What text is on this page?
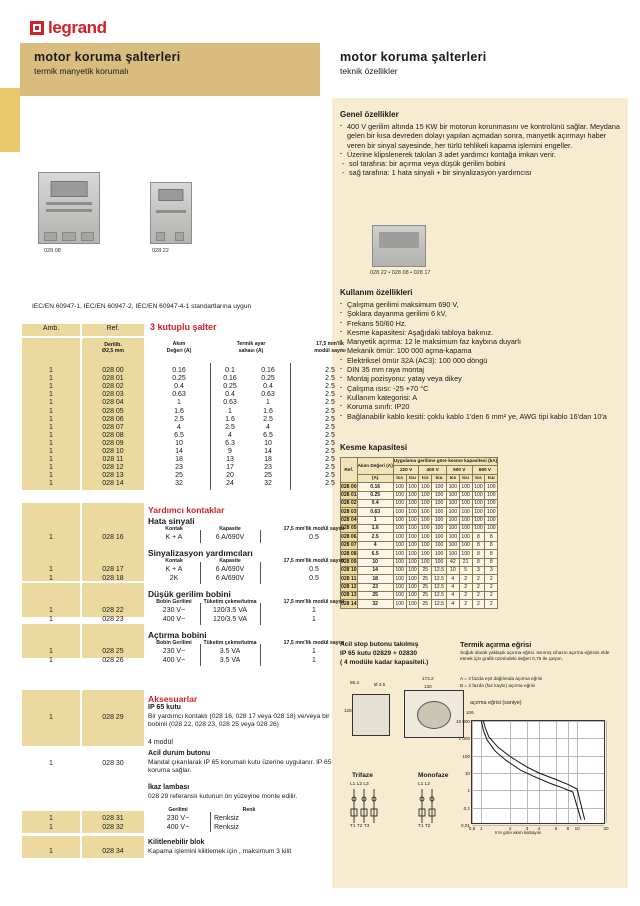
legrand
motor koruma şalterleri
termik manyetik korumalı
motor koruma şalterleri
teknik özellikler
Genel özellikler
· 400 V gerilim altında 15 KW bir motorun korunmasını ve kontrolünü sağlar. Meydana gelen bir kısa devreden dolayı yapılan açmadan sonra, manyetik açırmayı haber veren bir sinyal sayesinde, her türlü tehlikeli kapama işlemini engeller.
· Üzerine klipslenerek takılan 3 adet yardımcı kontağa imkan verir.
- sol tarafına: bir açırma veya düşük gerilim bobini
- sağ tarafına: 1 hata sinyali + bir sinyalizasyon yardımcısı
028 22 • 028 08 • 028 17
Kullanım özellikleri
· Çalışma gerilimi maksimum 690 V,
· Şoklara dayanma gerilimi 6 kV,
· Frekans 50/60 Hz.
· Kesme kapasitesi: Aşağıdaki tabloya bakınız.
· Manyetik açırma: 12 le maksimum faz kaybına duyarlı
· Mekanik ömür: 100 000 açma-kapama
· Elektriksel ömür 32A (AC3): 100 000 döngü
· DIN 35 mm raya montaj
· Montaj pozisyonu: yatay veya dikey
· Çalışma ısısı: -25 +70 °C
· Kullanım kategorisi: A
· Koruma sınıfı: IP20
· Bağlanabilir kablo kesiti: çoklu kablo 1'den 6 mm² ye, AWG tipi kablo 16'dan 10'a
Kesme kapasitesi
Ref.	Akım Değeri (A)	Uygulama gerilime göre kesme kapasitesi (kA)							
		220 V		400 V		500 V		690 V	
	(A)	Ics	Icu	Ics	Icu	Ics	Icu	Ics	Icu
028 00	0.16	100	100	100	100	100	100	100	100
028 01	0.25	100	100	100	100	100	100	100	100
028 02	0.4	100	100	100	100	100	100	100	100
028 03	0.63	100	100	100	100	100	100	100	100
028 04	1	100	100	100	100	100	100	100	100
028 05	1.6	100	100	100	100	100	100	100	100
028 06	2.5	100	100	100	100	100	100	8	8
028 07	4	100	100	100	100	100	100	8	8
028 08	6.5	100	100	100	100	100	100	8	8
028 09	10	100	100	100	100	42	21	8	8
028 10	14	100	100	25	12.5	10	5	3	3
028 11	18	100	100	25	12.5	4	2	2	2
028 12	23	100	100	25	12.5	4	2	2	2
028 13	25	100	100	25	12.5	4	2	2	2
028 14	32	100	100	25	12.5	4	2	2	2
Acil stop butonu takılmış
IP 65 kutu 02829 + 02830
( 4 modüle kadar kapasiteli.)
85.4	Ø 4.5
173.2
130
128	106
Trifaze	Monofaze
L1 L2 L3
T1 T2 T3
L1 L2
T1 T2
Termik açırma eğrisi
Soğuk olarak yaklaşık açırma eğrisi. Isınmış cihazın açırma eğrisini elde etmek için grafik üzerindeki değeri 0,75 ile çarpın.
A = 3 fazda eşit dağılımda açırma eğrisi
B = 2 fazda (faz kaybı) açırma eğrisi
açırma eğrisi (saniye)
10 000
1 000
100
10
1
0,1
0,01
0,8	1	2	3	4	6	8	10	20
In'e göre akım katsayısı
028 08	028 22
IEC/EN 60947-1, IEC/EN 60947-2, IEC/EN 60947-4-1 standartlarına uygun
Amb.	Ref.	3 kutuplu şalter
Derilib.
Ø2,5 mm
Akım
Değeri (A)
Termik ayar
sahası (A)
17,5 mm'lik
modül sayısı
1	028 00	0.16	0.1	0.16	2.5
1	028 01	0.25	0.16	0.25	2.5
1	028 02	0.4	0.25	0.4	2.5
1	028 03	0.63	0.4	0.63	2.5
1	028 04	1	0.63	1	2.5
1	028 05	1.6	1	1.6	2.5
1	028 06	2.5	1.6	2.5	2.5
1	028 07	4	2.5	4	2.5
1	028 08	6.5	4	6.5	2.5
1	028 09	10	6.3	10	2.5
1	028 10	14	9	14	2.5
1	028 11	18	13	18	2.5
1	028 12	23	17	23	2.5
1	028 13	25	20	25	2.5
1	028 14	32	24	32	2.5
Yardımcı kontaklar
Hata sinyali
Kontak	Kapasite	17,5 mm'lik modül sayısı
1	028 16	K + A	6 A/690V	0.5
Sinyalizasyon yardımcıları
Kontak	Kapasite	17,5 mm'lik modül sayısı
1	028 17	K + A	6 A/690V	0.5
1	028 18	2K	6 A/690V	0.5
Düşük gerilim bobini
Bobin Gerilimi	Tüketim çekme/tutma	17,5 mm'lik modül sayısı
1	028 22	230 V~	120/3.5 VA	1
1	028 23	400 V~	120/3.5 VA	1
Açtırma bobini
Bobin Gerilimi	Tüketim çekme/tutma	17,5 mm'lik modül sayısı
1	028 25	230 V~	3.5 VA	1
1	028 26	400 V~	3.5 VA	1
Aksesuarlar
IP 65 kutu
1	028 29	Bir yardımcı kontaklı (028 16, 028 17 veya 028 18) ve/veya bir bobinli (028 22, 028 23, 028 25 veya 028 26)
4 modül
Acil durum butonu
1	028 30	Mandal çıkarılarak IP 65 korumalı kutu üzerine uygulanır. IP 65 koruma sağlar.
İkaz lambası
028 29 referanslı kutunun ön yüzeyine monte edilir.
Gerilimi	Renk
1	028 31	230 V~	Renksiz
1	028 32	400 V~	Renksiz
Kilitlenebilir blok
1	028 34	Kapama işlemini kilitlemek için , maksimum 3 kilit
